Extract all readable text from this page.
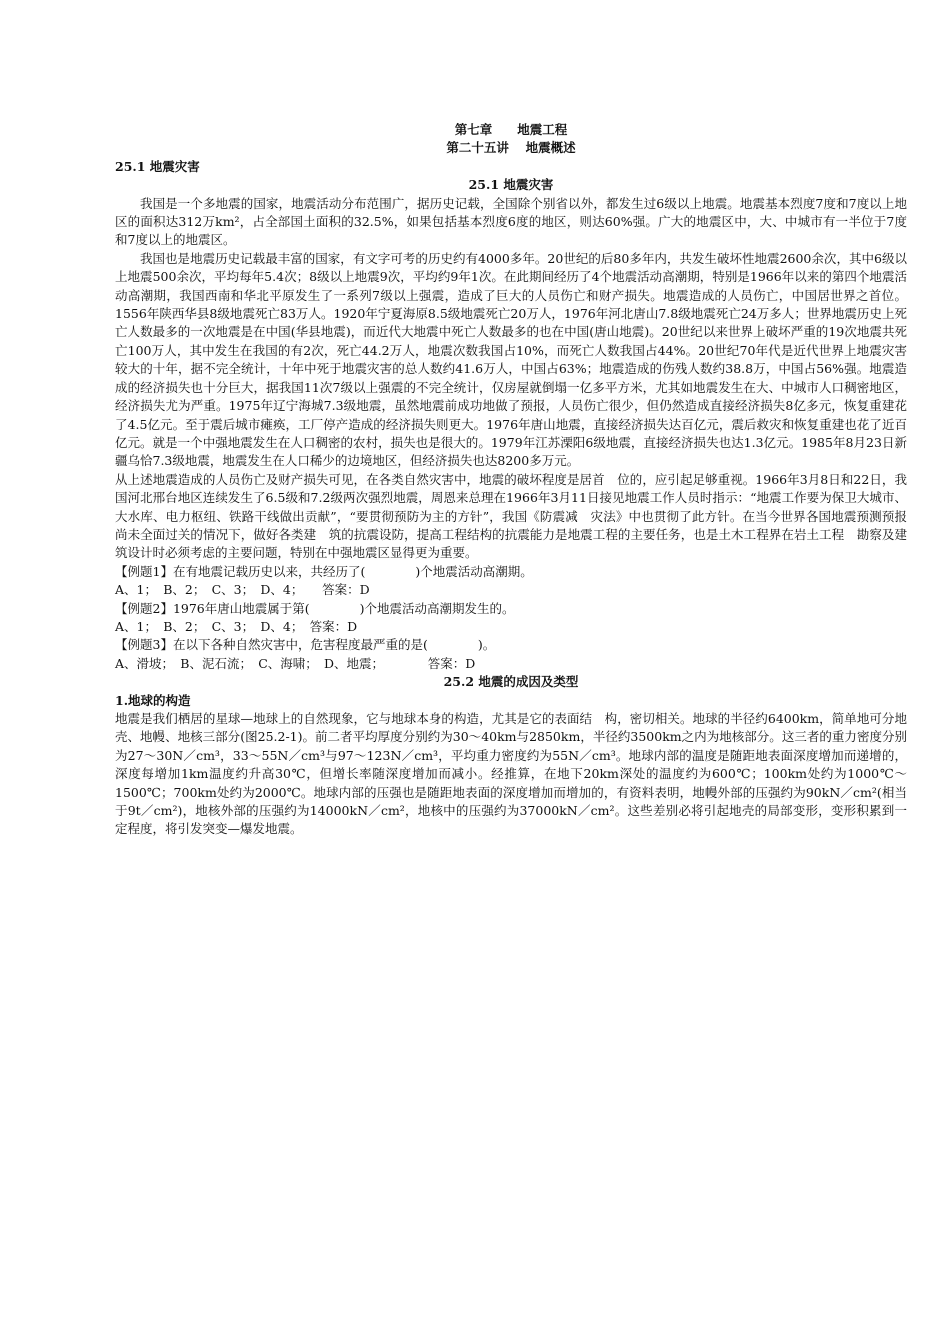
第七章　　地震工程
第二十五讲　 地震概述
25.1 地震灾害
25.1 地震灾害

我国是一个多地震的国家，地震活动分布范围广，据历史记载，全国除个别省以外，都发生过6级以上地震。地震基本烈度7度和7度以上地区的面积达312万km²，占全部国土面积的32.5%，如果包括基本烈度6度的地区，则达60%强。广大的地震区中，大、中城市有一半位于7度和7度以上的地震区。

我国也是地震历史记载最丰富的国家，有文字可考的历史约有4000多年。20世纪的后80多年内，共发生破坏性地震2600余次，其中6级以上地震500余次，平均每年5.4次；8级以上地震9次，平均约9年1次。在此期间经历了4个地震活动高潮期，特别是1966年以来的第四个地震活动高潮期，我国西南和华北平原发生了一系列7级以上强震，造成了巨大的人员伤亡和财产损失。地震造成的人员伤亡，中国居世界之首位。1556年陕西华县8级地震死亡83万人。1920年宁夏海原8.5级地震死亡20万人，1976年河北唐山7.8级地震死亡24万多人；世界地震历史上死亡人数最多的一次地震是在中国(华县地震)，而近代大地震中死亡人数最多的也在中国(唐山地震)。20世纪以来世界上破坏严重的19次地震共死亡100万人，其中发生在我国的有2次，死亡44.2万人，地震次数我国占10%，而死亡人数我国占44%。20世纪70年代是近代世界上地震灾害较大的十年，据不完全统计，十年中死于地震灾害的总人数约41.6万人，中国占63%；地震造成的伤残人数约38.8万，中国占56%强。地震造成的经济损失也十分巨大，据我国11次7级以上强震的不完全统计，仅房屋就倒塌一亿多平方米，尤其如地震发生在大、中城市人口稠密地区，经济损失尤为严重。1975年辽宁海城7.3级地震，虽然地震前成功地做了预报，人员伤亡很少，但仍然造成直接经济损失8亿多元，恢复重建花了4.5亿元。至于震后城市瘫痪，工厂停产造成的经济损失则更大。1976年唐山地震，直接经济损失达百亿元，震后救灾和恢复重建也花了近百亿元。就是一个中强地震发生在人口稠密的农村，损失也是很大的。1979年江苏溧阳6级地震，直接经济损失也达1.3亿元。1985年8月23日新疆乌恰7.3级地震，地震发生在人口稀少的边境地区，但经济损失也达8200多万元。

从上述地震造成的人员伤亡及财产损失可见，在各类自然灾害中，地震的破坏程度是居首　位的，应引起足够重视。1966年3月8日和22日，我国河北邢台地区连续发生了6.5级和7.2级两次强烈地震，周恩来总理在1966年3月11日接见地震工作人员时指示：“地震工作要为保卫大城市、大水库、电力枢纽、铁路干线做出贡献”，“要贯彻预防为主的方针”，我国《防震减　灾法》中也贯彻了此方针。在当今世界各国地震预测预报尚未全面过关的情况下，做好各类建　筑的抗震设防，提高工程结构的抗震能力是地震工程的主要任务，也是土木工程界在岩土工程　勘察及建筑设计时必须考虑的主要问题，特别在中强地震区显得更为重要。

【例题1】在有地震记载历史以来，共经历了(　　　　)个地震活动高潮期。
A、1；　B、2；　C、3；　D、4；　　答案：D
【例题2】1976年唐山地震属于第(　　　　)个地震活动高潮期发生的。
A、1；　B、2；　C、3；　D、4；　答案：D
【例题3】在以下各种自然灾害中，危害程度最严重的是(　　　　)。
A、滑坡；　B、泥石流；　C、海啸；　D、地震；　　　　答案：D
25.2 地震的成因及类型
1.地球的构造

地震是我们栖居的星球—地球上的自然现象，它与地球本身的构造，尤其是它的表面结　构，密切相关。地球的半径约6400km，简单地可分地壳、地幔、地核三部分(图25.2-1)。前二者平均厚度分别约为30～40km与2850km，半径约3500km之内为地核部分。这三者的重力密度分别为27～30N／cm³，33～55N／cm³与97～123N／cm³，平均重力密度约为55N／cm³。地球内部的温度是随距地表面深度增加而递增的，深度每增加1km温度约升高30℃，但增长率随深度增加而减小。经推算，在地下20km深处的温度约为600℃；100km处约为1000℃～1500℃；700km处约为2000℃。地球内部的压强也是随距地表面的深度增加而增加的，有资料表明，地幔外部的压强约为90kN／cm²(相当于9t／cm²)，地核外部的压强约为14000kN／cm²，地核中的压强约为37000kN／cm²。这些差别必将引起地壳的局部变形，变形积累到一定程度，将引发突变—爆发地震。
